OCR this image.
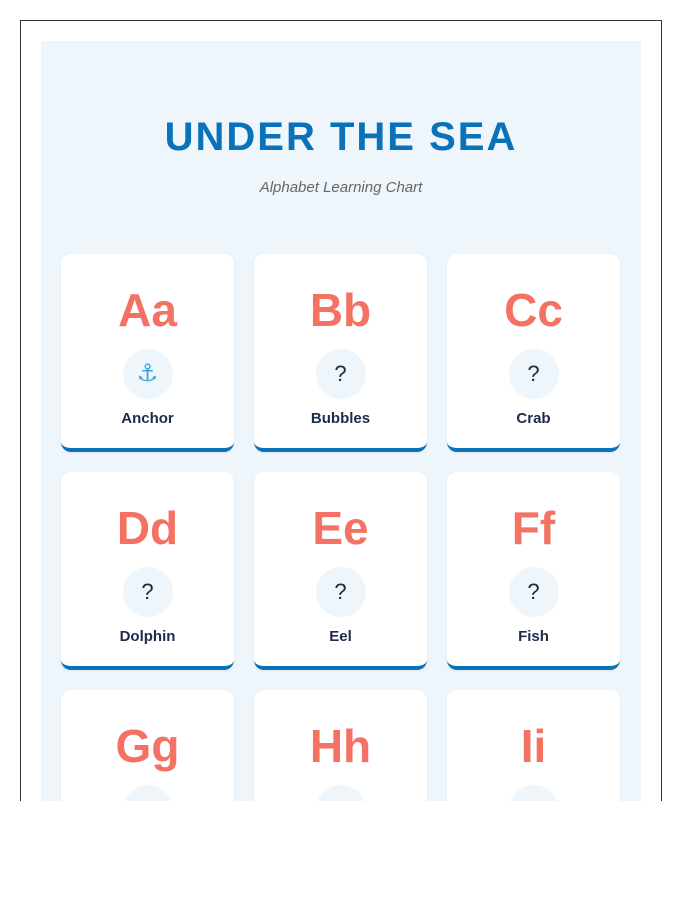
UNDER THE SEA
Alphabet Learning Chart
Aa
⚓
Anchor
Bb
?
Bubbles
Cc
?
Crab
Dd
?
Dolphin
Ee
?
Eel
Ff
?
Fish
Gg	Hh	Ii
